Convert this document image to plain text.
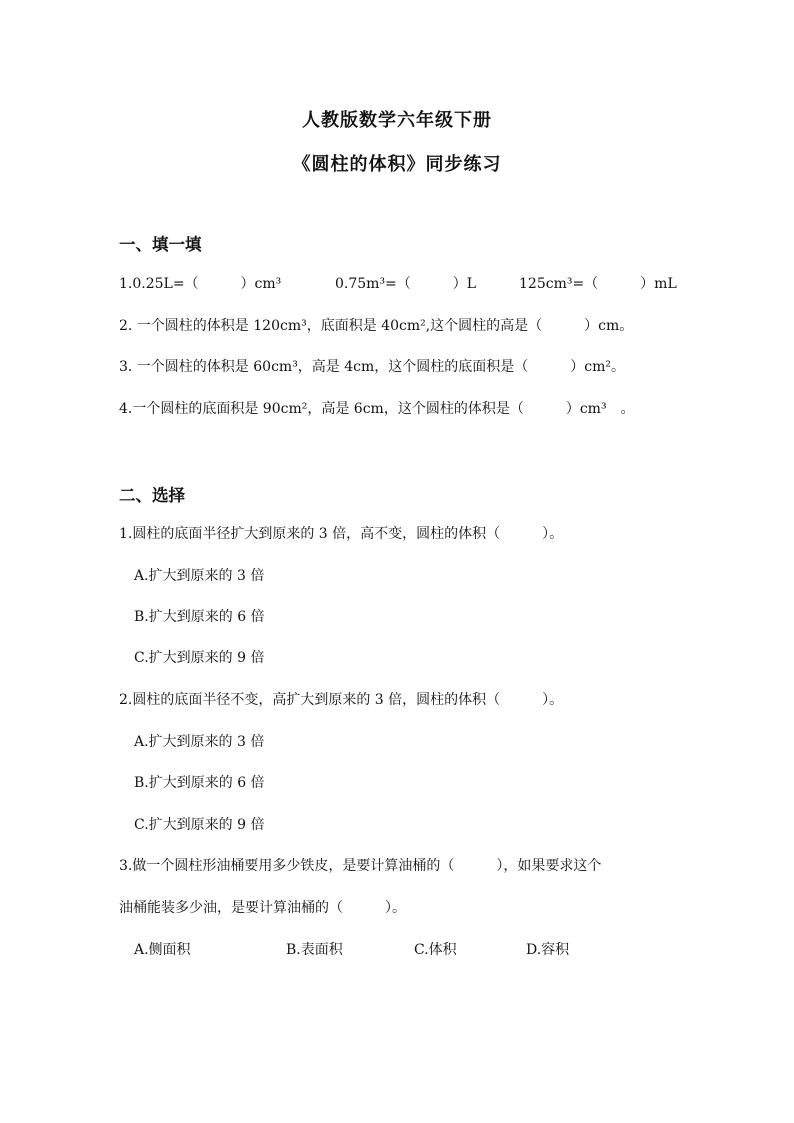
人教版数学六年级下册
《圆柱的体积》同步练习
一、填一填
1.0.25L=（　　　）cm³	0.75m³=（　　　）L	125cm³=（　　　）mL
2. 一个圆柱的体积是 120cm³，底面积是 40cm²,这个圆柱的高是（　　　）cm。
3. 一个圆柱的体积是 60cm³，高是 4cm，这个圆柱的底面积是（　　　）cm²。
4.一个圆柱的底面积是 90cm²，高是 6cm，这个圆柱的体积是（　　　）cm³　。
二、选择
1.圆柱的底面半径扩大到原来的 3 倍，高不变，圆柱的体积（　　　）。
A.扩大到原来的 3 倍
B.扩大到原来的 6 倍
C.扩大到原来的 9 倍
2.圆柱的底面半径不变，高扩大到原来的 3 倍，圆柱的体积（　　　）。
A.扩大到原来的 3 倍
B.扩大到原来的 6 倍
C.扩大到原来的 9 倍
3.做一个圆柱形油桶要用多少铁皮，是要计算油桶的（　　　），如果要求这个
油桶能装多少油，是要计算油桶的（　　　）。
A.侧面积	B.表面积	C.体积	D.容积
